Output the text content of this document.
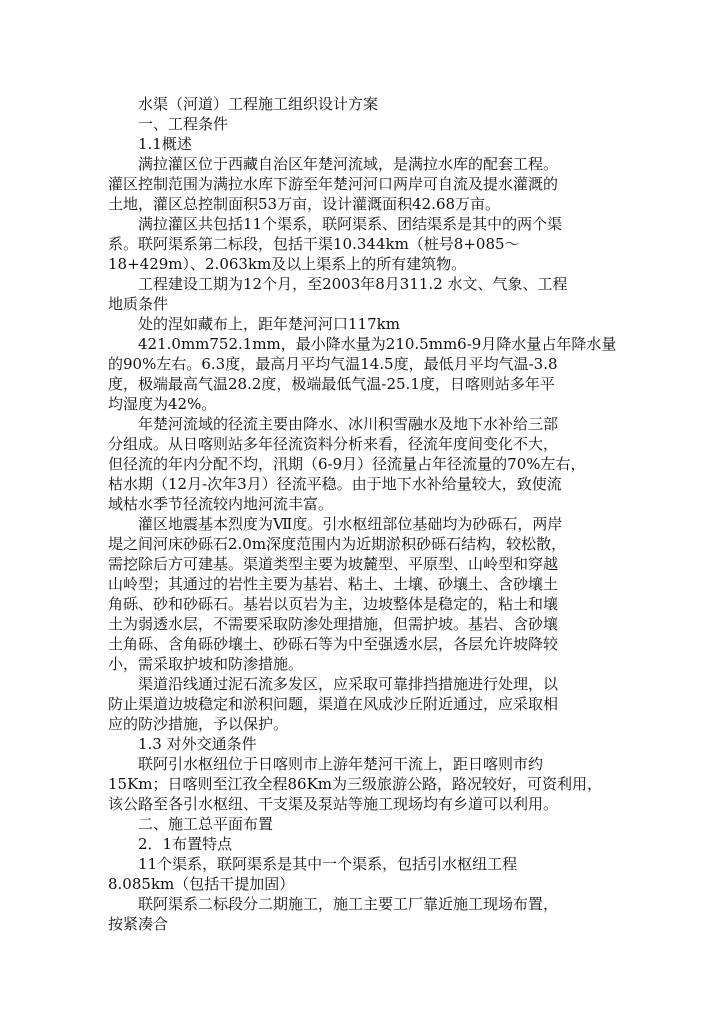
水渠（河道）工程施工组织设计方案
一、工程条件
1.1概述
满拉灌区位于西藏自治区年楚河流域，是满拉水库的配套工程。
灌区控制范围为满拉水库下游至年楚河河口两岸可自流及提水灌溉的
土地，灌区总控制面积53万亩，设计灌溉面积42.68万亩。
满拉灌区共包括11个渠系，联阿渠系、团结渠系是其中的两个渠
系。联阿渠系第二标段，包括干渠10.344km（桩号8+085～
18+429m）、2.063km及以上渠系上的所有建筑物。
工程建设工期为12个月，至2003年8月311.2 水文、气象、工程
地质条件
处的涅如藏布上，距年楚河河口117km
421.0mm752.1mm，最小降水量为210.5mm6-9月降水量占年降水量
的90%左右。6.3度，最高月平均气温14.5度，最低月平均气温-3.8
度，极端最高气温28.2度，极端最低气温-25.1度，日喀则站多年平
均湿度为42%。
年楚河流域的径流主要由降水、冰川积雪融水及地下水补给三部
分组成。从日喀则站多年径流资料分析来看，径流年度间变化不大，
但径流的年内分配不均，汛期（6-9月）径流量占年径流量的70%左右，
枯水期（12月-次年3月）径流平稳。由于地下水补给量较大，致使流
域枯水季节径流较内地河流丰富。
灌区地震基本烈度为Ⅶ度。引水枢纽部位基础均为砂砾石，两岸
堤之间河床砂砾石2.0m深度范围内为近期淤积砂砾石结构，较松散，
需挖除后方可建基。渠道类型主要为坡麓型、平原型、山岭型和穿越
山岭型；其通过的岩性主要为基岩、粘土、土壤、砂壤土、含砂壤土
角砾、砂和砂砾石。基岩以页岩为主，边坡整体是稳定的，粘土和壤
土为弱透水层，不需要采取防渗处理措施，但需护坡。基岩、含砂壤
土角砾、含角砾砂壤土、砂砾石等为中至强透水层，各层允许坡降较
小，需采取护坡和防渗措施。
渠道沿线通过泥石流多发区，应采取可靠排挡措施进行处理，以
防止渠道边坡稳定和淤积问题，渠道在风成沙丘附近通过，应采取相
应的防沙措施，予以保护。
1.3 对外交通条件
联阿引水枢纽位于日喀则市上游年楚河干流上，距日喀则市约
15Km；日喀则至江孜全程86Km为三级旅游公路，路况较好，可资利用，
该公路至各引水枢纽、干支渠及泵站等施工现场均有乡道可以利用。
二、施工总平面布置
2．1布置特点
11个渠系，联阿渠系是其中一个渠系，包括引水枢纽工程
8.085km（包括干提加固）
联阿渠系二标段分二期施工，施工主要工厂靠近施工现场布置，
按紧凑合
